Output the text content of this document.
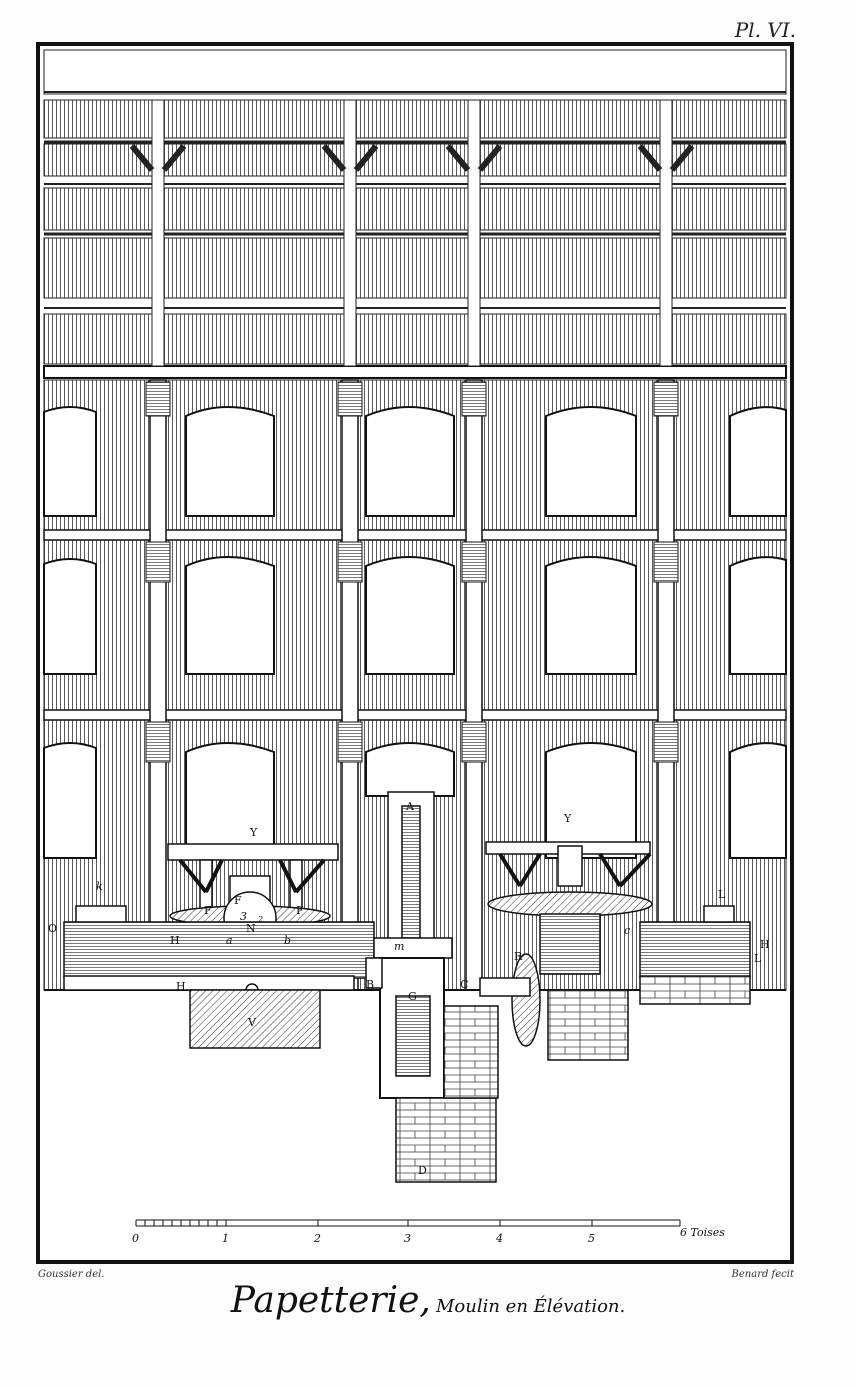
Pl. VI.
0	1	2	3	4	5	6 Toises
A
B	C
D
G
m
Y
Y
F	F
F
N
a	b
k
O
H
H
H
V
R
c
L
L
3 2
Goussier del.	Benard fecit
Papetterie, Moulin en Élévation.
